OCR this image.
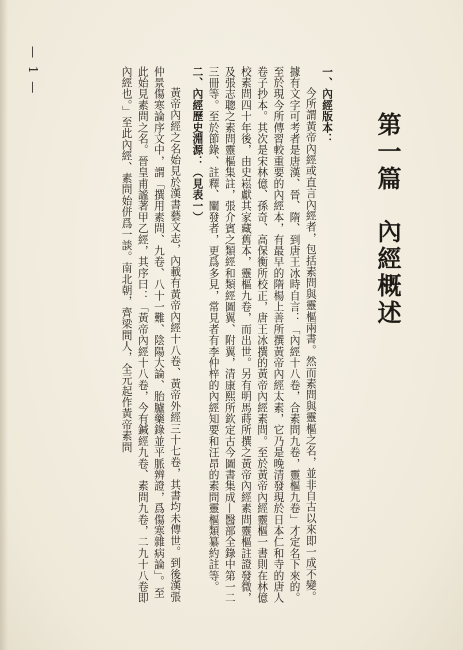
— 1 —
第一篇內經概述

一、內經版本：

今所謂黃帝內經或直言內經者，包括素問與靈樞兩書。然而素問與靈樞之名，並非自古以來即一成不變。據有文字可考者是唐漢、晉、隋、到唐王冰時自言：「內經十八卷，合素問九卷，靈樞九卷」才定名下來的。至於現今所傳習較重要的內經本，有最早的隋楊上善所撰黃帝內經太素，它乃是晚清發現於日本仁和寺的唐人卷子抄本。其次是宋林億、孫奇、高保衡所校正，唐王冰撰的黃帝內經素問。至於黃帝內經靈樞一書則在林億校素問四十年後，由史崧獻其家藏舊本，靈樞九卷，而出世。另有明馬蒔所撰之黃帝內經素問靈樞註證發微，及張志聰之素問靈樞集註，張介賓之類經和類經圖翼、附翼，清康熙所欽定古今圖書集成—醫部全錄中第一二三冊等。至於節錄、註釋、闡發者，更爲多見，常見者有李仲梓的內經知要和汪昂的素問靈樞類纂約註等。

二、內經歷史淵源：（見表一）

黃帝內經之名始見於漢書藝文志，內載有黃帝內經十八卷、黃帝外經三十七卷，其書均未傳世。到後漢張仲景傷寒論序文中，謂「撰用素問、九卷、八十一難、陰陽大論、胎臚藥錄並平脈辨證，爲傷寒雜病論」。至此始見素問之名。晉皇甫謐著甲乙經，其序曰：「黃帝內經十八卷，今有鍼經九卷、素問九卷，二九十八卷即內經也。」至此內經、素問始併爲一談。南北朝，齊梁間人，全元起作黃帝素問
